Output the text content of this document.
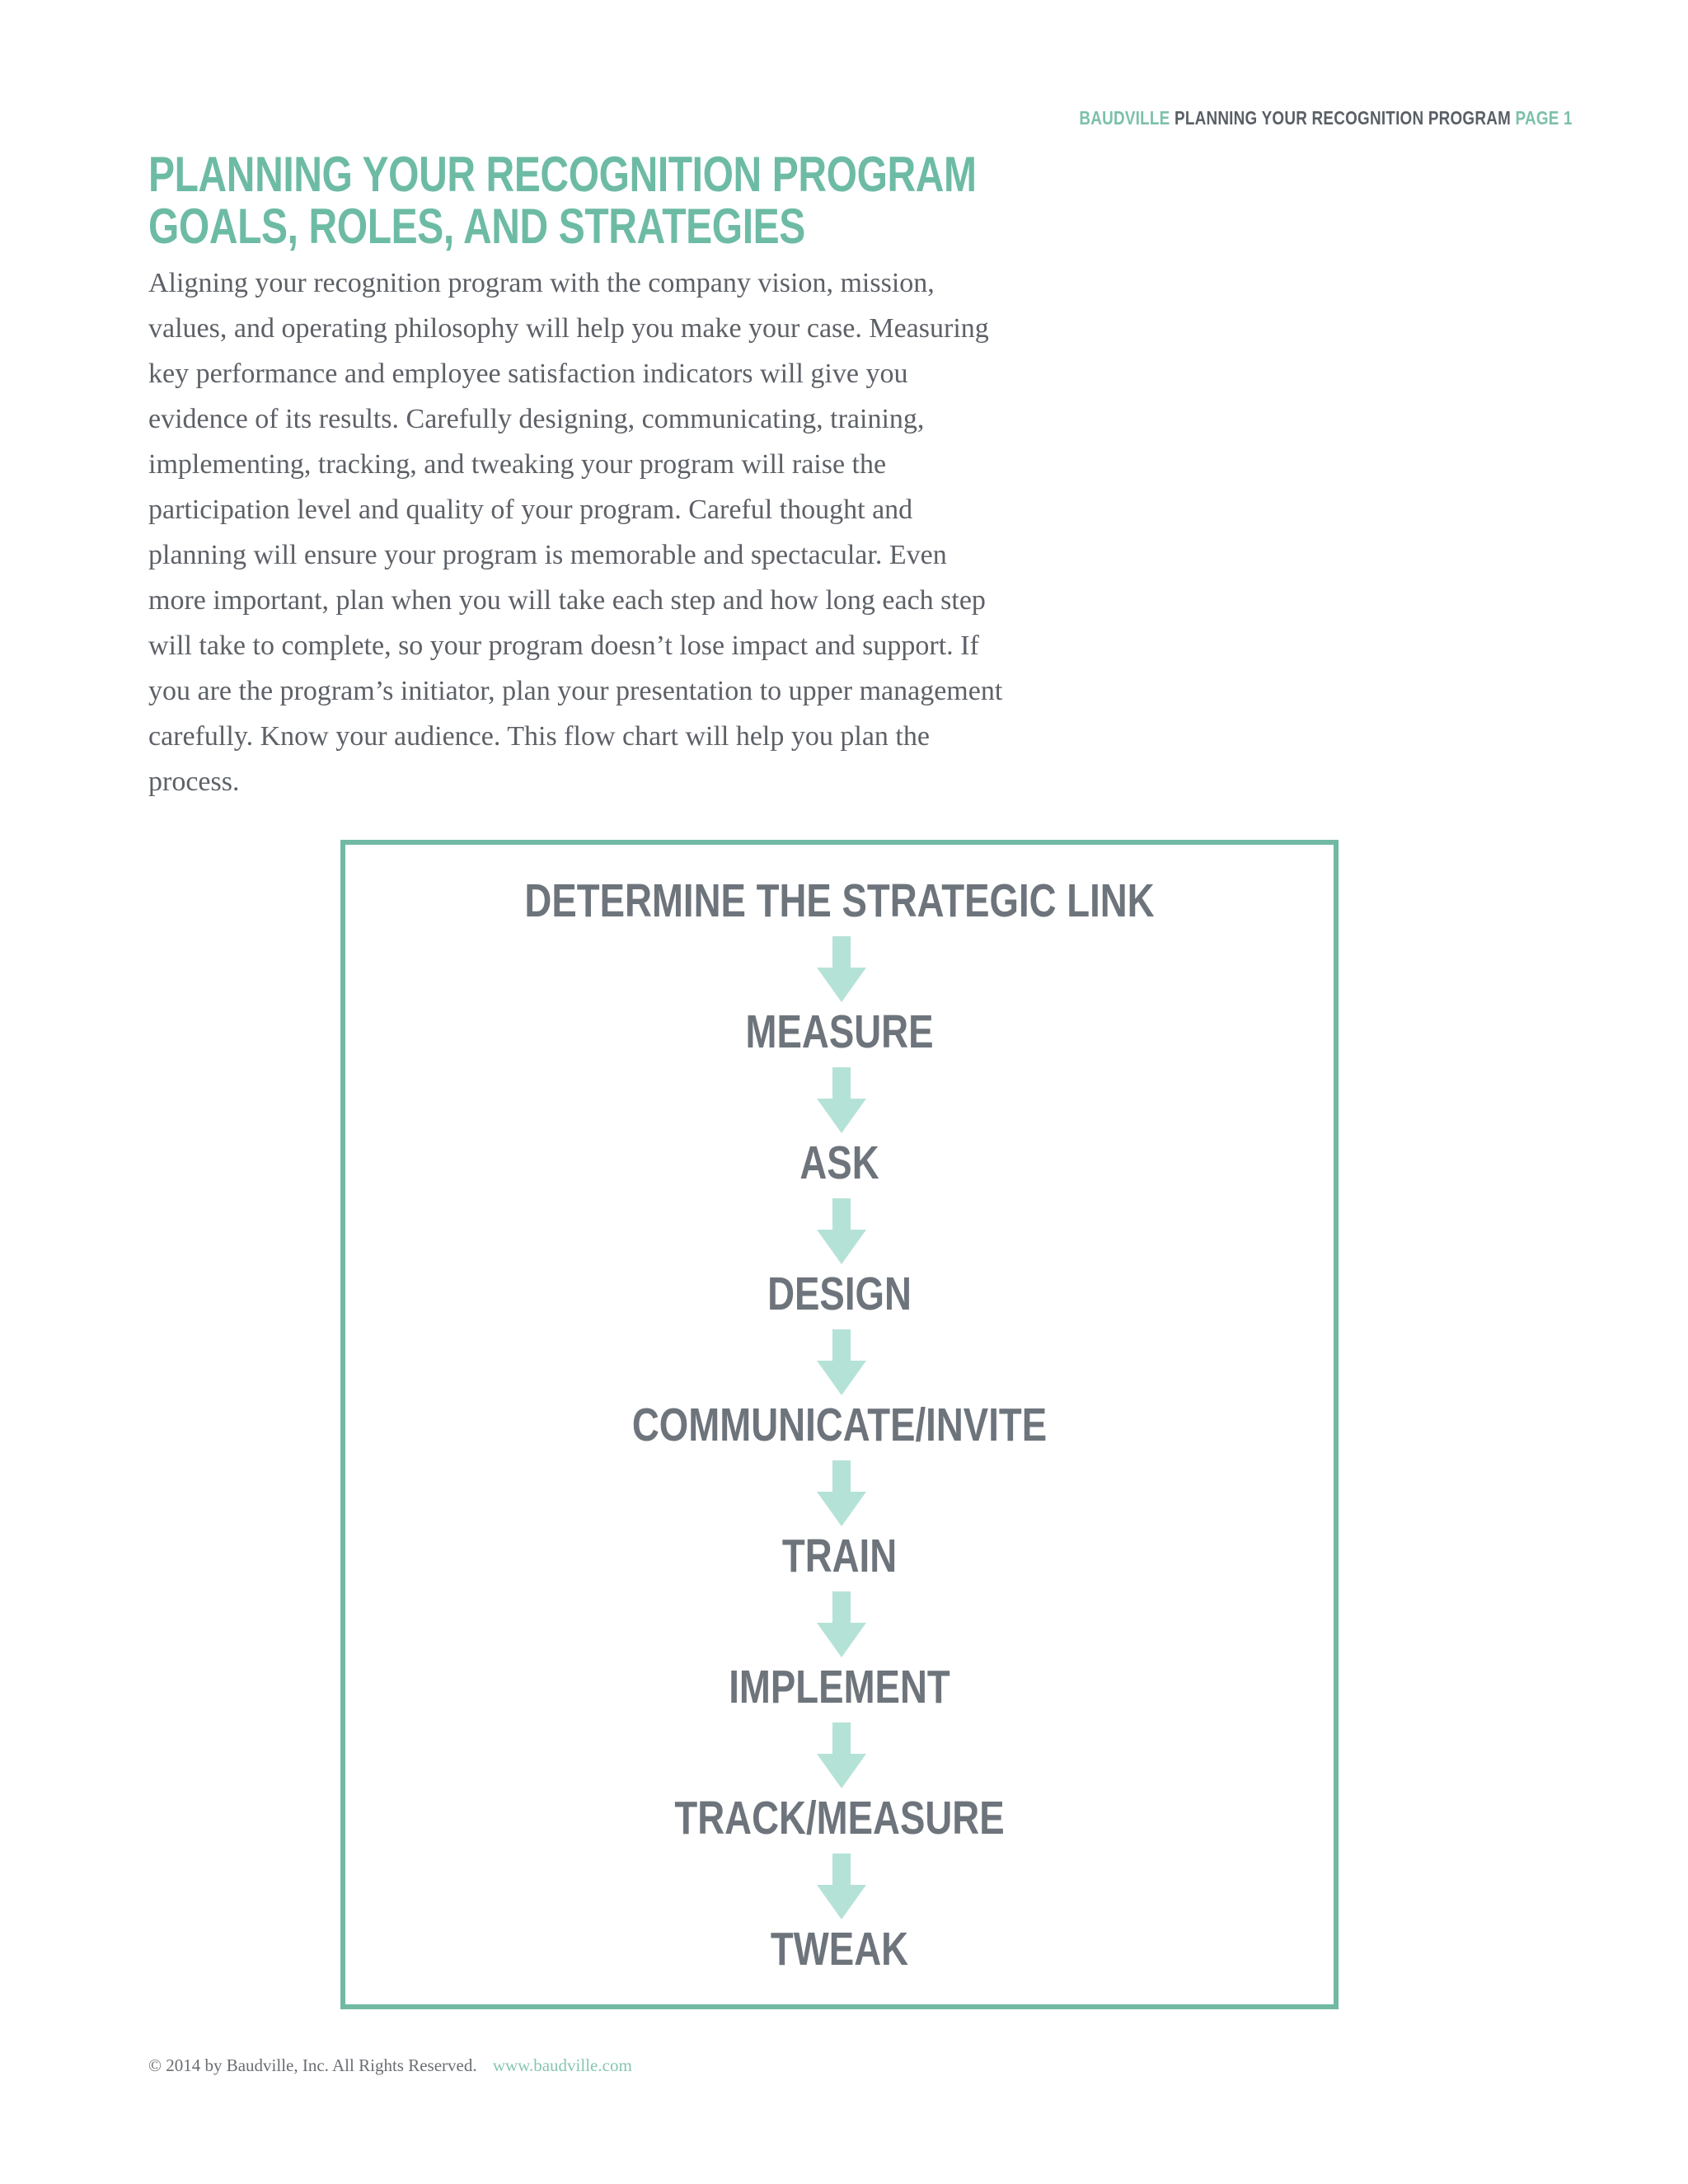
BAUDVILLE PLANNING YOUR RECOGNITION PROGRAM PAGE 1
PLANNING YOUR RECOGNITION PROGRAM
GOALS, ROLES, AND STRATEGIES

Aligning your recognition program with the company vision, mission, values, and operating philosophy will help you make your case. Measuring key performance and employee satisfaction indicators will give you evidence of its results. Carefully designing, communicating, training, implementing, tracking, and tweaking your program will raise the participation level and quality of your program. Careful thought and planning will ensure your program is memorable and spectacular. Even more important, plan when you will take each step and how long each step will take to complete, so your program doesn’t lose impact and support. If you are the program’s initiator, plan your presentation to upper management carefully. Know your audience. This flow chart will help you plan the process.

DETERMINE THE STRATEGIC LINK
MEASURE
ASK
DESIGN
COMMUNICATE/INVITE
TRAIN
IMPLEMENT
TRACK/MEASURE
TWEAK
© 2014 by Baudville, Inc. All Rights Reserved. www.baudville.com
